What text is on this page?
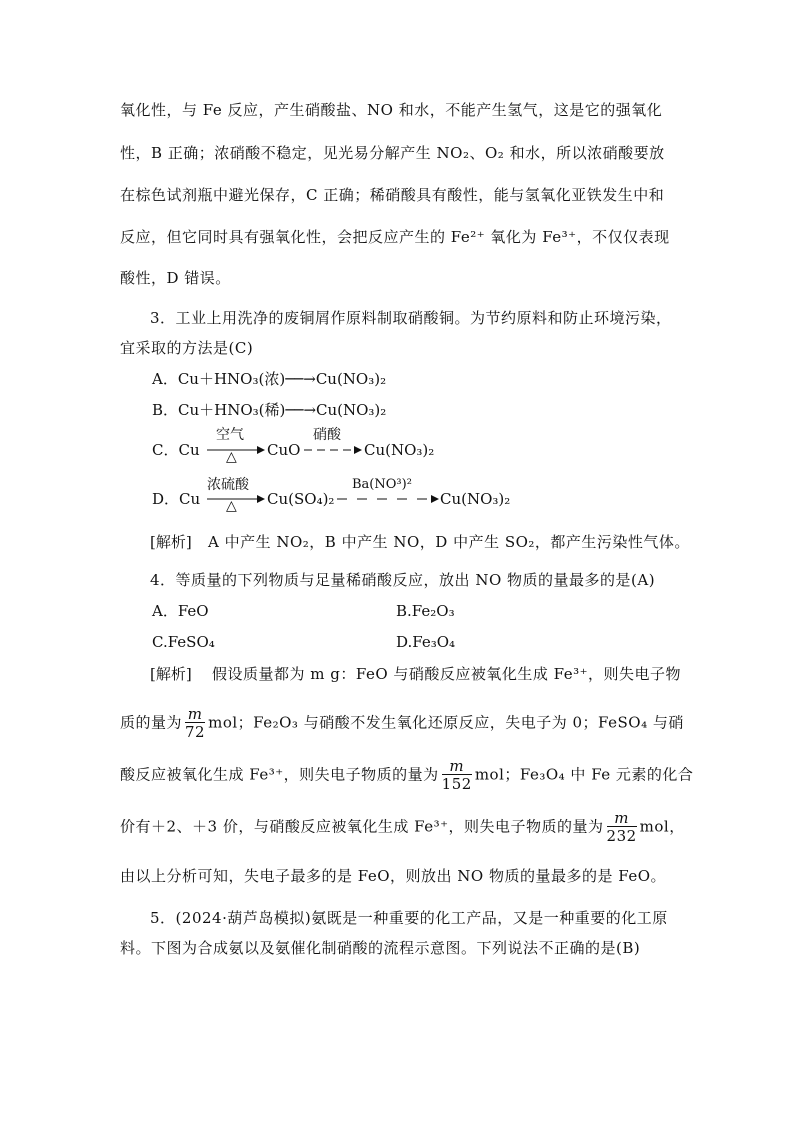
氧化性，与 Fe 反应，产生硝酸盐、NO 和水，不能产生氢气，这是它的强氧化
性，B 正确；浓硝酸不稳定，见光易分解产生 NO₂、O₂ 和水，所以浓硝酸要放
在棕色试剂瓶中避光保存，C 正确；稀硝酸具有酸性，能与氢氧化亚铁发生中和
反应，但它同时具有强氧化性，会把反应产生的 Fe²⁺ 氧化为 Fe³⁺，不仅仅表现
酸性，D 错误。
3．工业上用洗净的废铜屑作原料制取硝酸铜。为节约原料和防止环境污染，
宜采取的方法是(C)
A．Cu＋HNO₃(浓)──→Cu(NO₃)₂
B．Cu＋HNO₃(稀)──→Cu(NO₃)₂
C．Cu
空气
△ CuO
硝酸
→ Cu(NO₃)₂
D．Cu
浓硫酸
△ Cu(SO₄)₂
Ba(NO³)²
Cu(NO₃)₂
[解析] A 中产生 NO₂，B 中产生 NO，D 中产生 SO₂，都产生污染性气体。
4．等质量的下列物质与足量稀硝酸反应，放出 NO 物质的量最多的是(A)
A．FeO	B.Fe₂O₃
C.FeSO₄	D.Fe₃O₄
[解析] 假设质量都为 m g：FeO 与硝酸反应被氧化生成 Fe³⁺，则失电子物
质的量为 $\frac{m}{72}$ mol；Fe₂O₃ 与硝酸不发生氧化还原反应，失电子为 0；FeSO₄ 与硝
酸反应被氧化生成 Fe³⁺，则失电子物质的量为 $\frac{m}{152}$ mol；Fe₃O₄ 中 Fe 元素的化合
价有＋2、＋3 价，与硝酸反应被氧化生成 Fe³⁺，则失电子物质的量为 $\frac{m}{232}$ mol，
由以上分析可知，失电子最多的是 FeO，则放出 NO 物质的量最多的是 FeO。
5．(2024·葫芦岛模拟)氨既是一种重要的化工产品，又是一种重要的化工原
料。下图为合成氨以及氨催化制硝酸的流程示意图。下列说法不正确的是(B)
